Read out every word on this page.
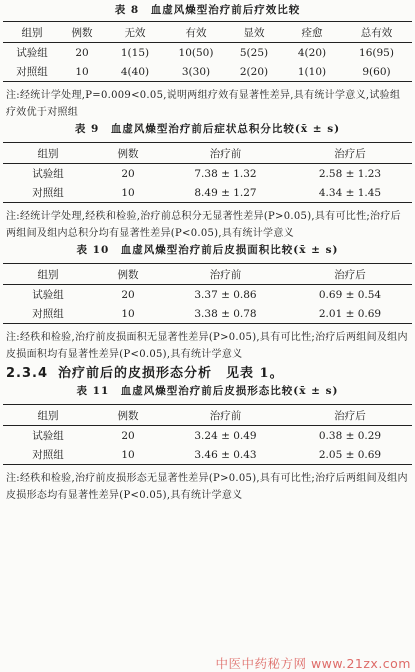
表 8　血虚风燥型治疗前后疗效比较
组别	例数	无效	有效	显效	痊愈	总有效
试验组	20	1(15)	10(50)	5(25)	4(20)	16(95)
对照组	10	4(40)	3(30)	2(20)	1(10)	9(60)
注:经统计学处理,P=0.009<0.05,说明两组疗效有显著性差异,具有统计学意义,试验组疗效优于对照组
表 9　血虚风燥型治疗前后症状总积分比较(x̄ ± s)
组别	例数	治疗前	治疗后
试验组	20	7.38 ± 1.32	2.58 ± 1.23
对照组	10	8.49 ± 1.27	4.34 ± 1.45
注:经统计学处理,经秩和检验,治疗前总积分无显著性差异(P>0.05),具有可比性;治疗后两组间及组内总积分均有显著性差异(P<0.05),具有统计学意义
表 10　血虚风燥型治疗前后皮损面积比较(x̄ ± s)
组别	例数	治疗前	治疗后
试验组	20	3.37 ± 0.86	0.69 ± 0.54
对照组	10	3.38 ± 0.78	2.01 ± 0.69
注:经秩和检验,治疗前皮损面积无显著性差异(P>0.05),具有可比性;治疗后两组间及组内皮损面积均有显著性差异(P<0.05),具有统计学意义
2.3.4 治疗前后的皮损形态分析　见表 1。
表 11　血虚风燥型治疗前后皮损形态比较(x̄ ± s)
组别	例数	治疗前	治疗后
试验组	20	3.24 ± 0.49	0.38 ± 0.29
对照组	10	3.46 ± 0.43	2.05 ± 0.69
注:经秩和检验,治疗前皮损形态无显著性差异(P>0.05),具有可比性;治疗后两组间及组内皮损形态均有显著性差异(P<0.05),具有统计学意义
中医中药秘方网 www.21zx.com
